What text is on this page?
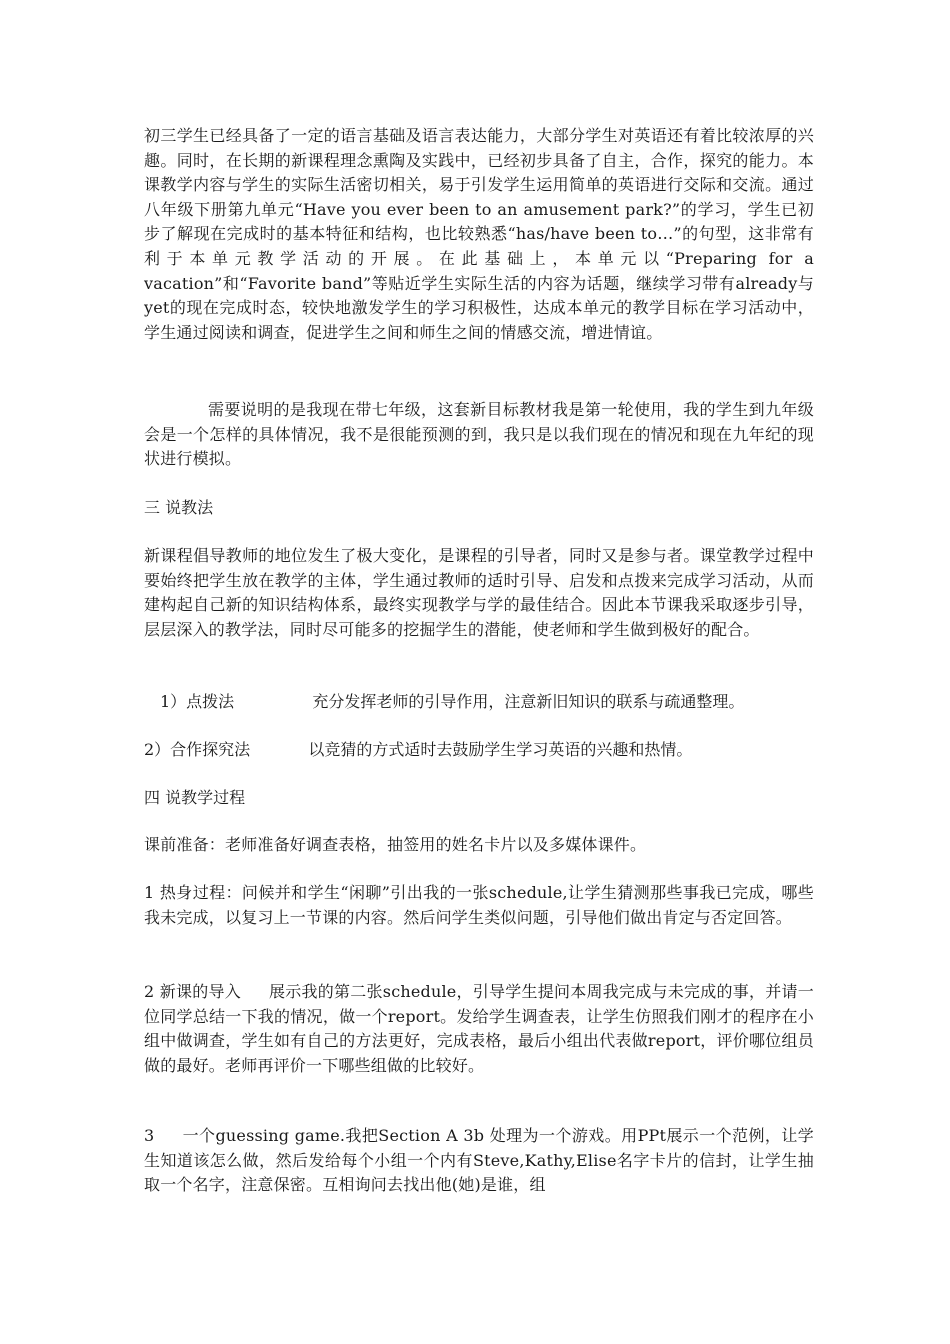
初三学生已经具备了一定的语言基础及语言表达能力，大部分学生对英语还有着比较浓厚的兴趣。同时，在长期的新课程理念熏陶及实践中，已经初步具备了自主，合作，探究的能力。本课教学内容与学生的实际生活密切相关，易于引发学生运用简单的英语进行交际和交流。通过八年级下册第九单元“Have you ever been to an amusement park?”的学习，学生已初步了解现在完成时的基本特征和结构，也比较熟悉“has/have been to…”的句型，这非常有利于本单元教学活动的开展。在此基础上，本单元以“Preparing for a vacation”和“Favorite band”等贴近学生实际生活的内容为话题，继续学习带有already与yet的现在完成时态，较快地激发学生的学习积极性，达成本单元的教学目标在学习活动中，学生通过阅读和调查，促进学生之间和师生之间的情感交流，增进情谊。

需要说明的是我现在带七年级，这套新目标教材我是第一轮使用，我的学生到九年级会是一个怎样的具体情况，我不是很能预测的到，我只是以我们现在的情况和现在九年纪的现状进行模拟。

三 说教法

新课程倡导教师的地位发生了极大变化，是课程的引导者，同时又是参与者。课堂教学过程中要始终把学生放在教学的主体，学生通过教师的适时引导、启发和点拨来完成学习活动，从而建构起自己新的知识结构体系，最终实现教学与学的最佳结合。因此本节课我采取逐步引导，层层深入的教学法，同时尽可能多的挖掘学生的潜能，使老师和学生做到极好的配合。

1）点拨法	充分发挥老师的引导作用，注意新旧知识的联系与疏通整理。
2）合作探究法	以竞猜的方式适时去鼓励学生学习英语的兴趣和热情。

四 说教学过程

课前准备：老师准备好调查表格，抽签用的姓名卡片以及多媒体课件。

1 热身过程：问候并和学生“闲聊”引出我的一张schedule,让学生猜测那些事我已完成，哪些我未完成，以复习上一节课的内容。然后问学生类似问题，引导他们做出肯定与否定回答。

2 新课的导入 展示我的第二张schedule，引导学生提问本周我完成与未完成的事，并请一位同学总结一下我的情况，做一个report。发给学生调查表，让学生仿照我们刚才的程序在小组中做调查，学生如有自己的方法更好，完成表格，最后小组出代表做report，评价哪位组员做的最好。老师再评价一下哪些组做的比较好。

3 一个guessing game.我把Section A 3b 处理为一个游戏。用PPt展示一个范例，让学生知道该怎么做，然后发给每个小组一个内有Steve,Kathy,Elise名字卡片的信封，让学生抽取一个名字，注意保密。互相询问去找出他(她)是谁，组
